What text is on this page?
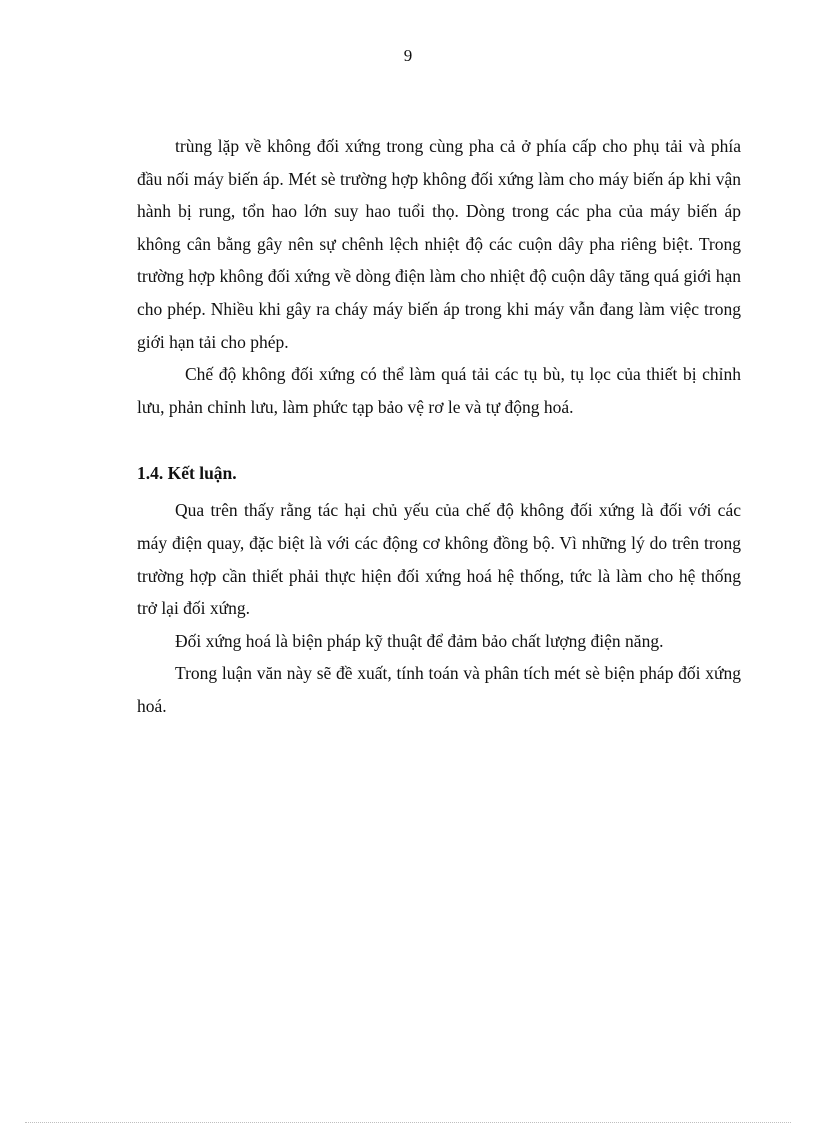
9

trùng lặp về không đối xứng trong cùng pha cả ở phía cấp cho phụ tải và phía đầu nối máy biến áp. Mét sè trường hợp không đối xứng làm cho máy biến áp khi vận hành bị rung, tổn hao lớn suy hao tuổi thọ. Dòng trong các pha của máy biến áp không cân bằng gây nên sự chênh lệch nhiệt độ các cuộn dây pha riêng biệt. Trong trường hợp không đối xứng về dòng điện làm cho nhiệt độ cuộn dây tăng quá giới hạn cho phép. Nhiều khi gây ra cháy máy biến áp trong khi máy vẫn đang làm việc trong giới hạn tải cho phép.

Chế độ không đối xứng có thể làm quá tải các tụ bù, tụ lọc của thiết bị chỉnh lưu, phản chỉnh lưu, làm phức tạp bảo vệ rơ le và tự động hoá.

1.4. Kết luận.

Qua trên thấy rằng tác hại chủ yếu của chế độ không đối xứng là đối với các máy điện quay, đặc biệt là với các động cơ không đồng bộ. Vì những lý do trên trong trường hợp cần thiết phải thực hiện đối xứng hoá hệ thống, tức là làm cho hệ thống trở lại đối xứng.

Đối xứng hoá là biện pháp kỹ thuật để đảm bảo chất lượng điện năng.

Trong luận văn này sẽ đề xuất, tính toán và phân tích mét sè biện pháp đối xứng hoá.
